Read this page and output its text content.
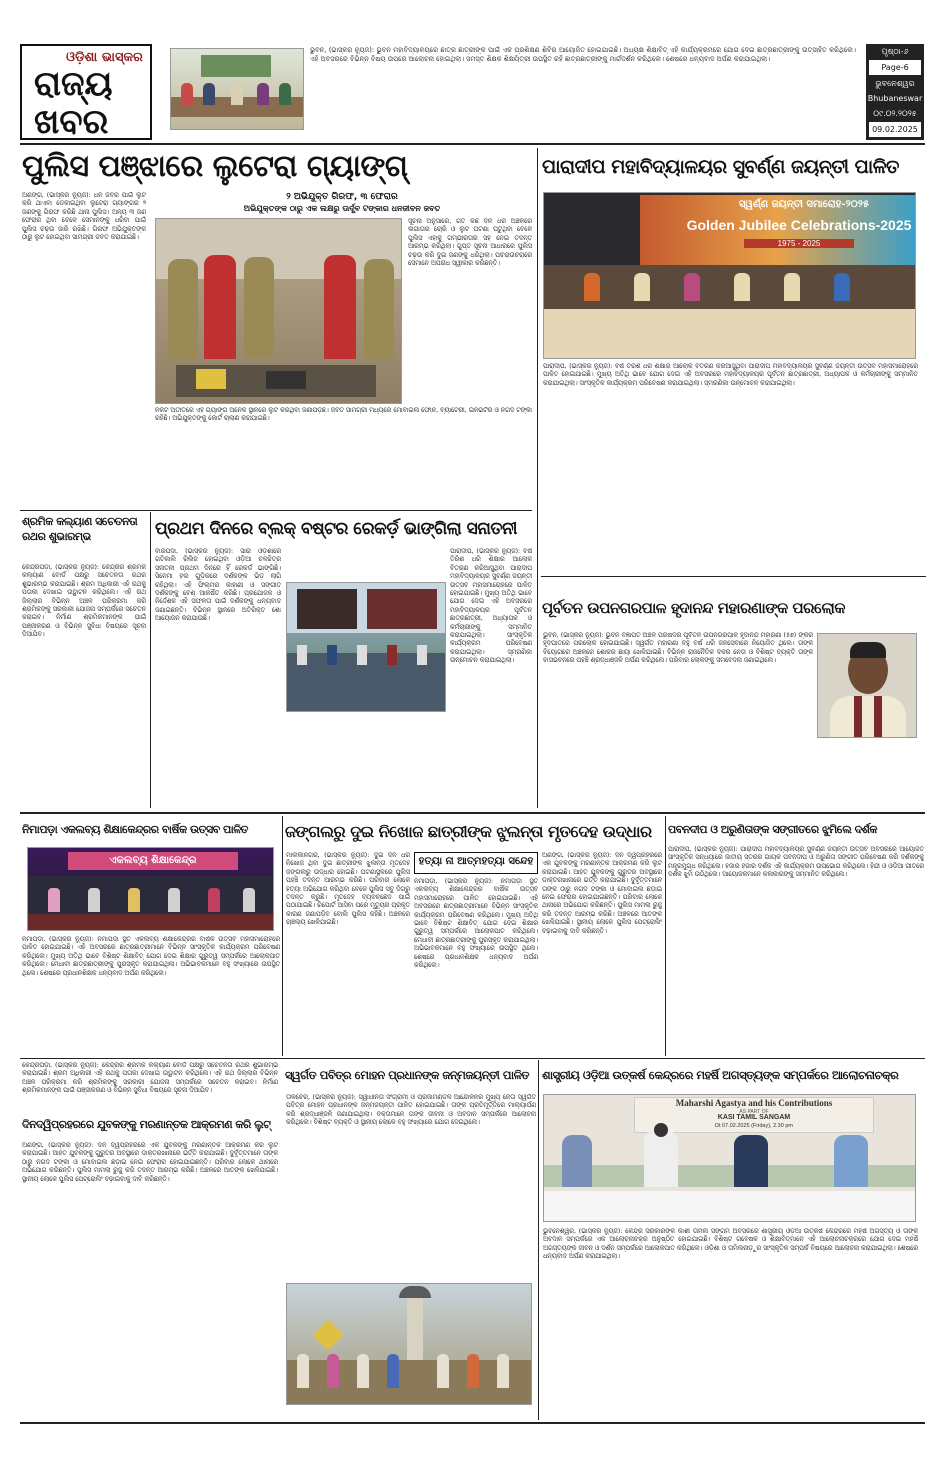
ଓଡ଼ିଶା ଭାସ୍କର
ରାଜ୍ୟ
ଖବର
ଭୁବନ, (ଭାସ୍କର ନ୍ୟୁଜ): ଭୁବନ ମହାବିଦ୍ୟାଳୟରେ ଛାତ୍ର ଛାତ୍ରୀଙ୍କ ପାଇଁ ଏକ ପ୍ରଶିକ୍ଷଣ ଶିବିର ଆୟୋଜିତ ହୋଇଯାଇଛି। ଅଧ୍ୟକ୍ଷ ଶିକ୍ଷାବିତ୍ ଏହି କାର୍ଯ୍ୟକ୍ରମରେ ଯୋଗ ଦେଇ ଛାତ୍ରଛାତ୍ରୀଙ୍କୁ ଉତ୍ସାହିତ କରିଥିଲେ। ଏହି ଅବସରରେ ବିଭିନ୍ନ ବିଷୟ ଉପରେ ଆଲୋଚନା ହୋଇଥିଲା। ସମସ୍ତ ଶିକ୍ଷକ ଶିକ୍ଷୟିତ୍ରୀ ଉପସ୍ଥିତ ରହି ଛାତ୍ରଛାତ୍ରୀଙ୍କୁ ମାର୍ଗଦର୍ଶନ କରିଥିଲେ। ଶେଷରେ ଧନ୍ୟବାଦ ଅର୍ପଣ କରାଯାଇଥିଲା।
ପୃଷ୍ଠା-୬
Page-6
ଭୁବନେଶ୍ୱର
Bhubaneswar
୦୯.୦୨.୨୦୨୫
09.02.2025
ପୁଲିସ ପଞ୍ଝାରେ ଲୁଟେରା ଗ୍ୟାଙ୍ଗ୍
ଅଣଙ୍ଗ, (ଭାସ୍କର ନ୍ୟୁଜ): ଧନ ଜବର ପାଇଁ ଲୁଟ କରି ଥାଏବା ଡେକାଇଥିବା ଲୁଟେରା ଗ୍ୟାଙ୍ଗର ୨ ଜଣଙ୍କୁ ଗିରଫ କରିଛି ଥାନା ପୁଲିସ। ଅନ୍ୟ ୩ ଜଣ ଫେରାର ଥିବା ବେଳେ ସେମାନଙ୍କୁ ଧରିବା ପାଇଁ ପୁଲିସ ଚଢ଼ଉ ଜାରି ରଖିଛି। ଗିରଫ ଅଭିଯୁକ୍ତଙ୍କ ଠାରୁ ଲୁଟ ହୋଇଥିବା ସାମଗ୍ରୀ ଜବତ କରାଯାଇଛି।
୨ ଅଭିଯୁକ୍ତ ଗିରଫ, ୩ ଫେରାର
ଅଭିଯୁକ୍ତଙ୍କ ଠାରୁ ଏକ ଲକ୍ଷରୁ ଊର୍ଦ୍ଧ୍ବ ଟଙ୍କାର ଧନଜୀବନ ଜବତ
ସୂଚନା ଅନୁସାରେ, ଗତ କିଛି ଦିନ ଧରି ଅଞ୍ଚଳରେ ଲଗାତାର ଚୋରି ଓ ଲୁଟ ଘଟଣା ଘଟୁଥିବା ବେଳେ ପୁଲିସ ଏହାକୁ ଗମ୍ଭୀରତାର ସହ ନେଇ ତଦନ୍ତ ଆରମ୍ଭ କରିଥିଲା। ଗୁପ୍ତ ସୂଚନା ଆଧାରରେ ପୁଲିସ ଚଢ଼ଉ କରି ଦୁଇ ଜଣଙ୍କୁ ଧରିଥିଲା। ପଚରାଉଚରାରେ ସେମାନେ ଅପରାଧ ସ୍ୱୀକାର କରିଛନ୍ତି।
ନିକଟ ଅତୀତରେ ଏହି ଗ୍ୟାଙ୍ଗ ଅନେକ ସ୍ଥାନରେ ଲୁଟ କରିଥିବା ଜଣାପଡ଼ିଛି। ଜବତ ସାମଗ୍ରୀ ମଧ୍ୟରେ ମୋବାଇଲ ଫୋନ, ବ୍ୟାଟେରୀ, ଇନଭର୍ଟର ଓ ନଗଦ ଟଙ୍କା ରହିଛି। ଅଭିଯୁକ୍ତଙ୍କୁ କୋର୍ଟ ଚାଲାଣ କରାଯାଇଛି।
ପାରାଦୀପ ମହାବିଦ୍ୟାଳୟର ସୁବର୍ଣ୍ଣ ଜୟନ୍ତୀ ପାଳିତ
ସ୍ୱର୍ଣ୍ଣ ଜୟନ୍ତୀ ସମାରୋହ-୨୦୨୫
Golden Jubilee Celebrations-2025
1975 - 2025
ପାରାଦୀପ, (ଭାସ୍କର ନ୍ୟୁଜ): ବର୍ଷ ତିରିଶ ଧରି ଶିକ୍ଷାର ଆଲୋକ ବିତରଣ କରିଆସୁଥିବା ପାରାଦୀପ ମହାବିଦ୍ୟାଳୟର ସୁବର୍ଣ୍ଣ ଜୟନ୍ତୀ ଉତ୍ସବ ମହାସମାରୋହରେ ପାଳିତ ହୋଇଯାଇଛି। ମୁଖ୍ୟ ଅତିଥି ଭାବେ ଯୋଗ ଦେଇ ଏହି ଅବସରରେ ମହାବିଦ୍ୟାଳୟର ପୂର୍ବତନ ଛାତ୍ରଛାତ୍ରୀ, ଅଧ୍ୟାପକ ଓ କର୍ମଚାରୀଙ୍କୁ ସମ୍ମାନିତ କରାଯାଇଥିଲା। ସାଂସ୍କୃତିକ କାର୍ଯ୍ୟକ୍ରମ ପରିବେଷଣ କରାଯାଇଥିଲା। ସ୍ମରଣିକା ଉନ୍ମୋଚନ କରାଯାଇଥିଲା।
ଶ୍ରମିକ କଲ୍ୟାଣ ସଚେତନତା ରଥର ଶୁଭାରମ୍ଭ
କେନ୍ଦ୍ରପଡ଼ା, (ଭାସ୍କର ନ୍ୟୁଜ): କେନ୍ଦ୍ରର ଶ୍ରମିକ କଲ୍ୟାଣ ବୋର୍ଡ ପକ୍ଷରୁ ସଚେତନତା ରଥର ଶୁଭାରମ୍ଭ କରାଯାଇଛି। ଶ୍ରମ ଅଧିକାରୀ ଏହି ରଥକୁ ପତାକା ଦେଖାଇ ଉଦ୍ଘାଟନ କରିଥିଲେ। ଏହି ରଥ ଜିଲ୍ଲାର ବିଭିନ୍ନ ଅଞ୍ଚଳ ପରିକ୍ରମା କରି ଶ୍ରମିକଙ୍କୁ ସରକାରୀ ଯୋଜନା ସମ୍ପର୍କରେ ସଚେତନ କରାଇବ। ନିର୍ମାଣ ଶ୍ରମିକମାନଙ୍କ ପାଇଁ ପଞ୍ଜୀକରଣ ଓ ବିଭିନ୍ନ ସୁବିଧା ବିଷୟରେ ସୂଚନା ଦିଆଯିବ।
ପ୍ରଥମ ଦିନରେ ବ୍ଲକ୍ ବଷ୍ଟର ରେକର୍ଡ଼ ଭାଙ୍ଗିଲା ସନାତନୀ
ବାରିପଦା, (ଭାସ୍କର ନ୍ୟୁଜ): ସାରା ଓଡ଼ିଶାରେ ଗତିକାଲି ରିଲିଜ ହୋଇଥିବା ଓଡ଼ିଆ ଚଳଚ୍ଚିତ୍ର ସନାତନୀ ପ୍ରଥମ ଦିନରେ ହିଁ ରେକର୍ଡ ଭାଙ୍ଗିଛି। ସିନେମା ହଲ ଗୁଡ଼ିକରେ ଦର୍ଶକଙ୍କ ଭିଡ଼ ଲାଗି ରହିଥିଲା। ଏହି ଫିଲ୍ମର କାହାଣୀ ଓ ସଙ୍ଗୀତ ଦର୍ଶକଙ୍କୁ ବେଶ୍ ଆକର୍ଷିତ କରିଛି। ପ୍ରଯୋଜକ ଓ ନିର୍ଦ୍ଦେଶକ ଏହି ସଫଳତା ପାଇଁ ଦର୍ଶକଙ୍କୁ ଧନ୍ୟବାଦ ଜଣାଇଛନ୍ତି। ବିଭିନ୍ନ ସ୍ଥାନରେ ଅତିରିକ୍ତ ଶୋ ଆୟୋଜନ କରାଯାଉଛି।
ପାରାଦୀପ, (ଭାସ୍କର ନ୍ୟୁଜ): ବର୍ଷ ତିରିଶ ଧରି ଶିକ୍ଷାର ଆଲୋକ ବିତରଣ କରିଆସୁଥିବା ପାରାଦୀପ ମହାବିଦ୍ୟାଳୟର ସୁବର୍ଣ୍ଣ ଜୟନ୍ତୀ ଉତ୍ସବ ମହାସମାରୋହରେ ପାଳିତ ହୋଇଯାଇଛି। ମୁଖ୍ୟ ଅତିଥି ଭାବେ ଯୋଗ ଦେଇ ଏହି ଅବସରରେ ମହାବିଦ୍ୟାଳୟର ପୂର୍ବତନ ଛାତ୍ରଛାତ୍ରୀ, ଅଧ୍ୟାପକ ଓ କର୍ମଚାରୀଙ୍କୁ ସମ୍ମାନିତ କରାଯାଇଥିଲା। ସାଂସ୍କୃତିକ କାର୍ଯ୍ୟକ୍ରମ ପରିବେଷଣ କରାଯାଇଥିଲା। ସ୍ମରଣିକା ଉନ୍ମୋଚନ କରାଯାଇଥିଲା।
ପୂର୍ବତନ ଉପନଗରପାଳ ହୃଦାନନ୍ଦ ମହାରଣାଙ୍କ ପରଲୋକ
ଭୁବନ, (ଭାସ୍କର ନ୍ୟୁଜ): ଭୁବନ ବିଜ୍ଞାପିତ ଅଞ୍ଚଳ ପରିଷଦର ପୂର୍ବତନ ଉପନଗରପାଳ ହୃଦାନନ୍ଦ ମହାରଣା (୫୭) ଙ୍କର ହୃଦଘାତରେ ପରଲୋକ ହୋଇଯାଇଛି। ସ୍ୱର୍ଗତ ମହାରଣା ବହୁ ବର୍ଷ ଧରି ଜନସେବାରେ ନିୟୋଜିତ ଥିଲେ। ତାଙ୍କ ବିୟୋଗରେ ଅଞ୍ଚଳରେ ଶୋକର ଛାୟା ଖେଳିଯାଇଛି। ବିଭିନ୍ନ ରାଜନୈତିକ ଦଳର ନେତା ଓ ବିଶିଷ୍ଟ ବ୍ୟକ୍ତି ତାଙ୍କ ବାସଭବନରେ ପହଞ୍ଚି ଶ୍ରଦ୍ଧାଞ୍ଜଳି ଅର୍ପଣ କରିଥିଲେ। ପରିବାର ଲୋକଙ୍କୁ ସମବେଦନା ଜଣାଇଥିଲେ।
ନିମାପଡ଼ା ଏକଲବ୍ୟ ଶିକ୍ଷାକେନ୍ଦ୍ରର ବାର୍ଷିକ ଉତ୍ସବ ପାଳିତ
ଏକଲବ୍ୟ ଶିକ୍ଷାକେନ୍ଦ୍ର
ନିମାପଡ଼ା, (ଭାସ୍କର ନ୍ୟୁଜ): ନିମାପଡ଼ା ସ୍ଥିତ ଏକଲବ୍ୟ ଶିକ୍ଷାକେନ୍ଦ୍ରର ବାର୍ଷିକ ଉତ୍ସବ ମହାସମାରୋହରେ ପାଳିତ ହୋଇଯାଇଛି। ଏହି ଅବସରରେ ଛାତ୍ରଛାତ୍ରୀମାନେ ବିଭିନ୍ନ ସାଂସ୍କୃତିକ କାର୍ଯ୍ୟକ୍ରମ ପରିବେଷଣ କରିଥିଲେ। ମୁଖ୍ୟ ଅତିଥି ଭାବେ ବିଶିଷ୍ଟ ଶିକ୍ଷାବିତ୍ ଯୋଗ ଦେଇ ଶିକ୍ଷାର ଗୁରୁତ୍ୱ ସମ୍ପର୍କରେ ଆଲୋକପାତ କରିଥିଲେ। ମେଧାବୀ ଛାତ୍ରଛାତ୍ରୀଙ୍କୁ ପୁରସ୍କୃତ କରାଯାଇଥିଲା। ଅଭିଭାବକମାନେ ବହୁ ସଂଖ୍ୟାରେ ଉପସ୍ଥିତ ଥିଲେ। ଶେଷରେ ପ୍ରଧାନଶିକ୍ଷକ ଧନ୍ୟବାଦ ଅର୍ପଣ କରିଥିଲେ।
ଜଙ୍ଗଲରୁ ଦୁଇ ନିଖୋଜ ଛାତ୍ରୀଙ୍କ ଝୁଲନ୍ତା ମୃତଦେହ ଉଦ୍ଧାର
ମାଲକାନଗିରି, (ଭାସ୍କର ନ୍ୟୁଜ): ଦୁଇ ଦିନ ଧରି ନିଖୋଜ ଥିବା ଦୁଇ ଛାତ୍ରୀଙ୍କ ଝୁଲନ୍ତା ମୃତଦେହ ଜଙ୍ଗଲରୁ ଉଦ୍ଧାର ହୋଇଛି। ଘଟଣାସ୍ଥଳରେ ପୁଲିସ ପହଞ୍ଚି ତଦନ୍ତ ଆରମ୍ଭ କରିଛି। ପରିବାର ଲୋକେ ହତ୍ୟା ଅଭିଯୋଗ କରିଥିବା ବେଳେ ପୁଲିସ ସବୁ ଦିଗରୁ ତଦନ୍ତ କରୁଛି। ମୃତଦେହ ବ୍ୟବଚ୍ଛେଦ ପାଇଁ ପଠାଯାଇଛି। ରିପୋର୍ଟ ଆସିବା ପରେ ମୃତ୍ୟୁର ପ୍ରକୃତ କାରଣ ଜଣାପଡ଼ିବ ବୋଲି ପୁଲିସ କହିଛି। ଅଞ୍ଚଳରେ ଚାଞ୍ଚଲ୍ୟ ଖେଳିଯାଇଛି।
ହତ୍ୟା ନା ଆତ୍ମହତ୍ୟା ସନ୍ଦେହ
ନିମାପଡ଼ା, (ଭାସ୍କର ନ୍ୟୁଜ): ନିମାପଡ଼ା ସ୍ଥିତ ଏକଲବ୍ୟ ଶିକ୍ଷାକେନ୍ଦ୍ରର ବାର୍ଷିକ ଉତ୍ସବ ମହାସମାରୋହରେ ପାଳିତ ହୋଇଯାଇଛି। ଏହି ଅବସରରେ ଛାତ୍ରଛାତ୍ରୀମାନେ ବିଭିନ୍ନ ସାଂସ୍କୃତିକ କାର୍ଯ୍ୟକ୍ରମ ପରିବେଷଣ କରିଥିଲେ। ମୁଖ୍ୟ ଅତିଥି ଭାବେ ବିଶିଷ୍ଟ ଶିକ୍ଷାବିତ୍ ଯୋଗ ଦେଇ ଶିକ୍ଷାର ଗୁରୁତ୍ୱ ସମ୍ପର୍କରେ ଆଲୋକପାତ କରିଥିଲେ। ମେଧାବୀ ଛାତ୍ରଛାତ୍ରୀଙ୍କୁ ପୁରସ୍କୃତ କରାଯାଇଥିଲା। ଅଭିଭାବକମାନେ ବହୁ ସଂଖ୍ୟାରେ ଉପସ୍ଥିତ ଥିଲେ। ଶେଷରେ ପ୍ରଧାନଶିକ୍ଷକ ଧନ୍ୟବାଦ ଅର୍ପଣ କରିଥିଲେ।
ଅଣଙ୍ଗ, (ଭାସ୍କର ନ୍ୟୁଜ): ଦିନ ଦ୍ୱିପ୍ରହରରେ ଏକ ଯୁବକଙ୍କୁ ମରଣାନ୍ତକ ଆକ୍ରମଣ କରି ଲୁଟ କରାଯାଇଛି। ଆହତ ଯୁବକଙ୍କୁ ଗୁରୁତର ଅବସ୍ଥାରେ ଡାକ୍ତରଖାନାରେ ଭର୍ତ୍ତି କରାଯାଇଛି। ଦୁର୍ବୃତ୍ତମାନେ ତାଙ୍କ ଠାରୁ ନଗଦ ଟଙ୍କା ଓ ମୋବାଇଲ ଛଡ଼ାଇ ନେଇ ଫେରାର ହୋଇଯାଇଛନ୍ତି। ପରିବାର ଲୋକେ ଥାନାରେ ଅଭିଯୋଗ କରିଛନ୍ତି। ପୁଲିସ ମାମଲା ରୁଜୁ କରି ତଦନ୍ତ ଆରମ୍ଭ କରିଛି। ଅଞ୍ଚଳରେ ଆତଙ୍କ ଖେଳିଯାଇଛି। ସ୍ଥାନୀୟ ଲୋକେ ପୁଲିସ ପେଟ୍ରୋଲିଂ ବଢ଼ାଇବାକୁ ଦାବି କରିଛନ୍ତି।
ପବନଦୀପ ଓ ଅରୁଣିତାଙ୍କ ସଙ୍ଗୀତରେ ଝୁମିଲେ ଦର୍ଶକ
ପାରାଦୀପ, (ଭାସ୍କର ନ୍ୟୁଜ): ପାରାଦୀପ ମହାବିଦ୍ୟାଳୟର ସୁବର୍ଣ୍ଣ ଜୟନ୍ତୀ ଉତ୍ସବ ଅବସରରେ ଆୟୋଜିତ ସାଂସ୍କୃତିକ ସନ୍ଧ୍ୟାରେ ଜାତୀୟ ସ୍ତରର ଗାୟକ ପବନଦୀପ ଓ ଅରୁଣିତା ସଙ୍ଗୀତ ପରିବେଷଣ କରି ଦର୍ଶକଙ୍କୁ ମନ୍ତ୍ରମୁଗ୍ଧ କରିଥିଲେ। ହଜାର ହଜାର ଦର୍ଶକ ଏହି କାର୍ଯ୍ୟକ୍ରମ ଉପଭୋଗ କରିଥିଲେ। ହିନ୍ଦୀ ଓ ଓଡ଼ିଆ ଗୀତରେ ଦର୍ଶକ ଝୁମି ଉଠିଥିଲେ। ଆୟୋଜକମାନେ କଳାକାରଙ୍କୁ ସମ୍ମାନିତ କରିଥିଲେ।
ସ୍ୱର୍ଗତ ପବିତ୍ର ମୋହନ ପ୍ରଧାନଙ୍କ ଜନ୍ମଜୟନ୍ତୀ ପାଳିତ
ତାଳଚେର, (ଭାସ୍କର ନ୍ୟୁଜ): ସ୍ୱାଧୀନତା ସଂଗ୍ରାମୀ ଓ ପ୍ରଜାମଣ୍ଡଳ ଆନ୍ଦୋଳନର ମୁଖ୍ୟ ନେତା ସ୍ୱର୍ଗତ ପବିତ୍ର ମୋହନ ପ୍ରଧାନଙ୍କ ଜନ୍ମଜୟନ୍ତୀ ପାଳିତ ହୋଇଯାଇଛି। ତାଙ୍କ ପ୍ରତିମୂର୍ତ୍ତିରେ ମାଲ୍ୟାର୍ପଣ କରି ଶ୍ରଦ୍ଧାଞ୍ଜଳି ଜଣାଯାଇଥିଲା। ବକ୍ତାମାନେ ତାଙ୍କ ଜୀବନୀ ଓ ଅବଦାନ ସମ୍ପର୍କରେ ଆଲୋଚନା କରିଥିଲେ। ବିଶିଷ୍ଟ ବ୍ୟକ୍ତି ଓ ସ୍ଥାନୀୟ ଲୋକେ ବହୁ ସଂଖ୍ୟାରେ ଯୋଗ ଦେଇଥିଲେ।
ଶାସ୍ତ୍ରୀୟ ଓଡ଼ିଆ ଉତ୍କର୍ଷ କେନ୍ଦ୍ରରେ ମହର୍ଷି ଅଗସ୍ତ୍ୟଙ୍କ ସମ୍ପର୍କରେ ଆଲୋଚନାଚକ୍ର
Maharshi Agastya and his Contributions
AS PART OF
KASI TAMIL SANGAM
Dt 07.02.2025 (Friday), 2.30 pm
ଭୁବନେଶ୍ୱର, (ଭାସ୍କର ନ୍ୟୁଜ): କେନ୍ଦ୍ର ସରକାରଙ୍କ କାଶୀ ତାମିଲ ସଙ୍ଗମ ଅବସରରେ ଶାସ୍ତ୍ରୀୟ ଓଡ଼ିଆ ଉତ୍କର୍ଷ କେନ୍ଦ୍ରରେ ମହର୍ଷି ଅଗସ୍ତ୍ୟ ଓ ତାଙ୍କ ଅବଦାନ ସମ୍ପର୍କରେ ଏକ ଆଲୋଚନାଚକ୍ର ଅନୁଷ୍ଠିତ ହୋଇଯାଇଛି। ବିଶିଷ୍ଟ ଗବେଷକ ଓ ଶିକ୍ଷାବିତ୍ମାନେ ଏହି ଆଲୋଚନାଚକ୍ରରେ ଯୋଗ ଦେଇ ମହର୍ଷି ଅଗସ୍ତ୍ୟଙ୍କ ଜୀବନ ଓ ଦର୍ଶନ ସମ୍ପର୍କରେ ଆଲୋକପାତ କରିଥିଲେ। ଓଡ଼ିଶା ଓ ତାମିଲନାଡ଼ୁର ସାଂସ୍କୃତିକ ସମ୍ପର୍କ ବିଷୟରେ ଆଲୋଚନା କରାଯାଇଥିଲା। ଶେଷରେ ଧନ୍ୟବାଦ ଅର୍ପଣ କରାଯାଇଥିଲା।
ଦିନଦ୍ୱିପ୍ରହରରେ ଯୁବକଙ୍କୁ ମରଣାନ୍ତକ ଆକ୍ରମଣ କରି ଲୁଟ୍
ଅଣଙ୍ଗ, (ଭାସ୍କର ନ୍ୟୁଜ): ଦିନ ଦ୍ୱିପ୍ରହରରେ ଏକ ଯୁବକଙ୍କୁ ମରଣାନ୍ତକ ଆକ୍ରମଣ କରି ଲୁଟ କରାଯାଇଛି। ଆହତ ଯୁବକଙ୍କୁ ଗୁରୁତର ଅବସ୍ଥାରେ ଡାକ୍ତରଖାନାରେ ଭର୍ତ୍ତି କରାଯାଇଛି। ଦୁର୍ବୃତ୍ତମାନେ ତାଙ୍କ ଠାରୁ ନଗଦ ଟଙ୍କା ଓ ମୋବାଇଲ ଛଡ଼ାଇ ନେଇ ଫେରାର ହୋଇଯାଇଛନ୍ତି। ପରିବାର ଲୋକେ ଥାନାରେ ଅଭିଯୋଗ କରିଛନ୍ତି। ପୁଲିସ ମାମଲା ରୁଜୁ କରି ତଦନ୍ତ ଆରମ୍ଭ କରିଛି। ଅଞ୍ଚଳରେ ଆତଙ୍କ ଖେଳିଯାଇଛି। ସ୍ଥାନୀୟ ଲୋକେ ପୁଲିସ ପେଟ୍ରୋଲିଂ ବଢ଼ାଇବାକୁ ଦାବି କରିଛନ୍ତି।
କେନ୍ଦ୍ରପଡ଼ା, (ଭାସ୍କର ନ୍ୟୁଜ): କେନ୍ଦ୍ରର ଶ୍ରମିକ କଲ୍ୟାଣ ବୋର୍ଡ ପକ୍ଷରୁ ସଚେତନତା ରଥର ଶୁଭାରମ୍ଭ କରାଯାଇଛି। ଶ୍ରମ ଅଧିକାରୀ ଏହି ରଥକୁ ପତାକା ଦେଖାଇ ଉଦ୍ଘାଟନ କରିଥିଲେ। ଏହି ରଥ ଜିଲ୍ଲାର ବିଭିନ୍ନ ଅଞ୍ଚଳ ପରିକ୍ରମା କରି ଶ୍ରମିକଙ୍କୁ ସରକାରୀ ଯୋଜନା ସମ୍ପର୍କରେ ସଚେତନ କରାଇବ। ନିର୍ମାଣ ଶ୍ରମିକମାନଙ୍କ ପାଇଁ ପଞ୍ଜୀକରଣ ଓ ବିଭିନ୍ନ ସୁବିଧା ବିଷୟରେ ସୂଚନା ଦିଆଯିବ।
